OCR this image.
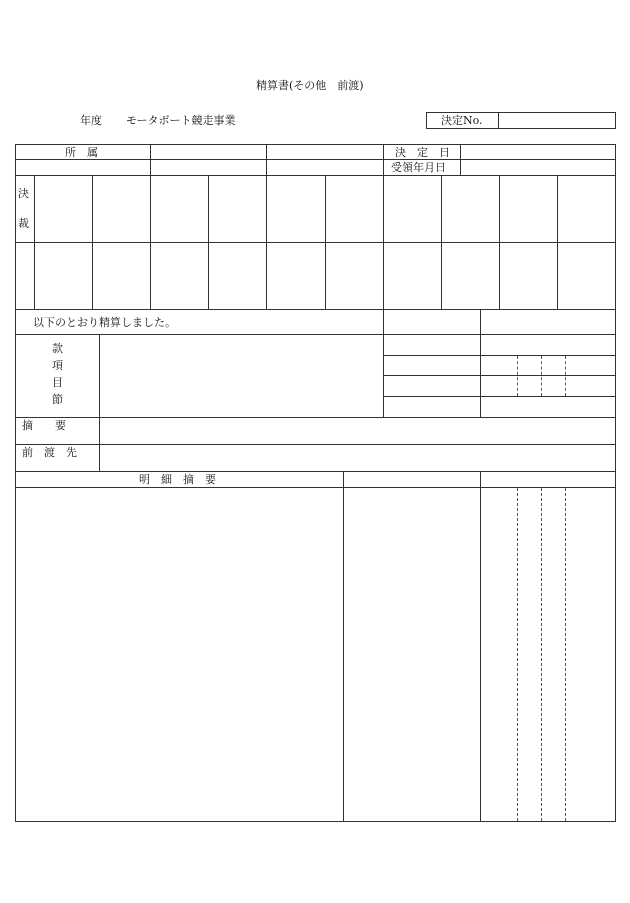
精算書(その他　前渡)
年度 モータボート競走事業	決定No.
所　属	決　定　日
受領年月日
決
裁
以下のとおり精算しました。
款
項
目
節
摘　　要
前　渡　先
明　細　摘　要
